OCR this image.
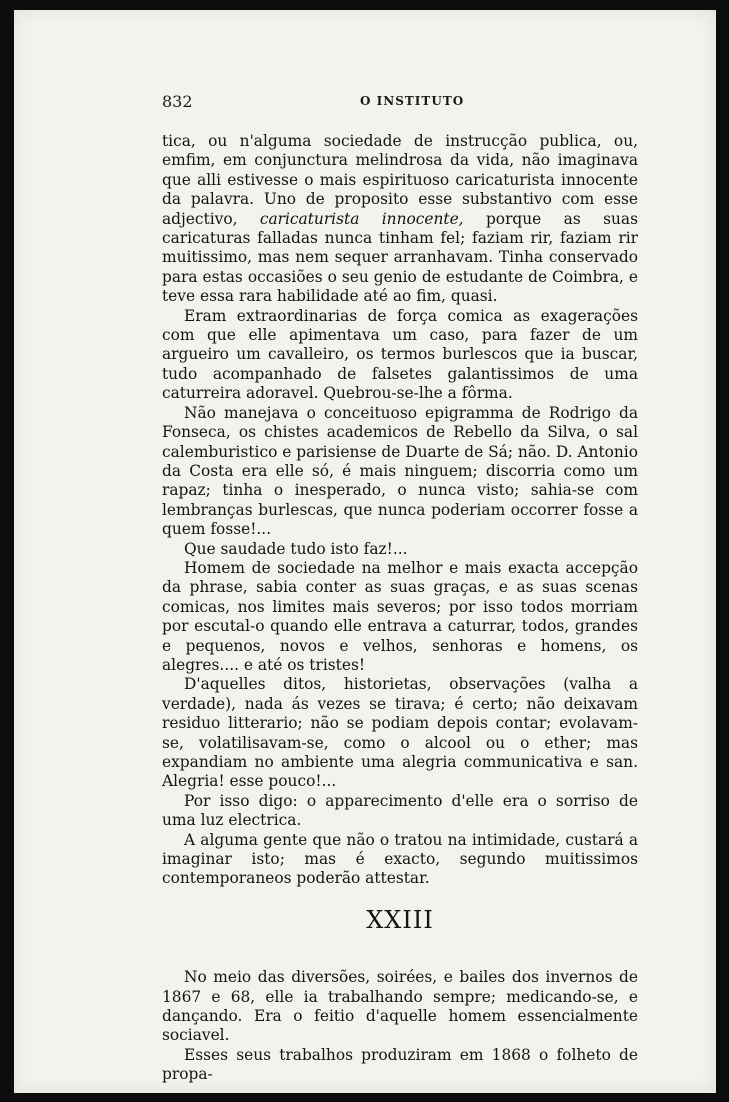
832	O INSTITUTO

tica, ou n'alguma sociedade de instrucção publica, ou, emfim, em conjunctura melindrosa da vida, não imaginava que alli estivesse o mais espirituoso caricaturista innocente da palavra. Uno de proposito esse substantivo com esse adjectivo, caricaturista innocente, porque as suas caricaturas falladas nunca tinham fel; faziam rir, faziam rir muitissimo, mas nem sequer arranhavam. Tinha conservado para estas occasiões o seu genio de estudante de Coimbra, e teve essa rara habilidade até ao fim, quasi.

Eram extraordinarias de força comica as exagerações com que elle apimentava um caso, para fazer de um argueiro um cavalleiro, os termos burlescos que ia buscar, tudo acompanhado de falsetes galantissimos de uma caturreira adoravel. Quebrou-se-lhe a fôrma.

Não manejava o conceituoso epigramma de Rodrigo da Fonseca, os chistes academicos de Rebello da Silva, o sal calemburistico e parisiense de Duarte de Sá; não. D. Antonio da Costa era elle só, é mais ninguem; discorria como um rapaz; tinha o inesperado, o nunca visto; sahia-se com lembranças burlescas, que nunca poderiam occorrer fosse a quem fosse!...

Que saudade tudo isto faz!...

Homem de sociedade na melhor e mais exacta accepção da phrase, sabia conter as suas graças, e as suas scenas comicas, nos limites mais severos; por isso todos morriam por escutal-o quando elle entrava a caturrar, todos, grandes e pequenos, novos e velhos, senhoras e homens, os alegres.... e até os tristes!

D'aquelles ditos, historietas, observações (valha a verdade), nada ás vezes se tirava; é certo; não deixavam residuo litterario; não se podiam depois contar; evolavam-se, volatilisavam-se, como o alcool ou o ether; mas expandiam no ambiente uma alegria communicativa e san. Alegria! esse pouco!...

Por isso digo: o apparecimento d'elle era o sorriso de uma luz electrica.

A alguma gente que não o tratou na intimidade, custará a imaginar isto; mas é exacto, segundo muitissimos contemporaneos poderão attestar.

XXIII

No meio das diversões, soirées, e bailes dos invernos de 1867 e 68, elle ia trabalhando sempre; medicando-se, e dançando. Era o feitio d'aquelle homem essencialmente sociavel.

Esses seus trabalhos produziram em 1868 o folheto de propa-
